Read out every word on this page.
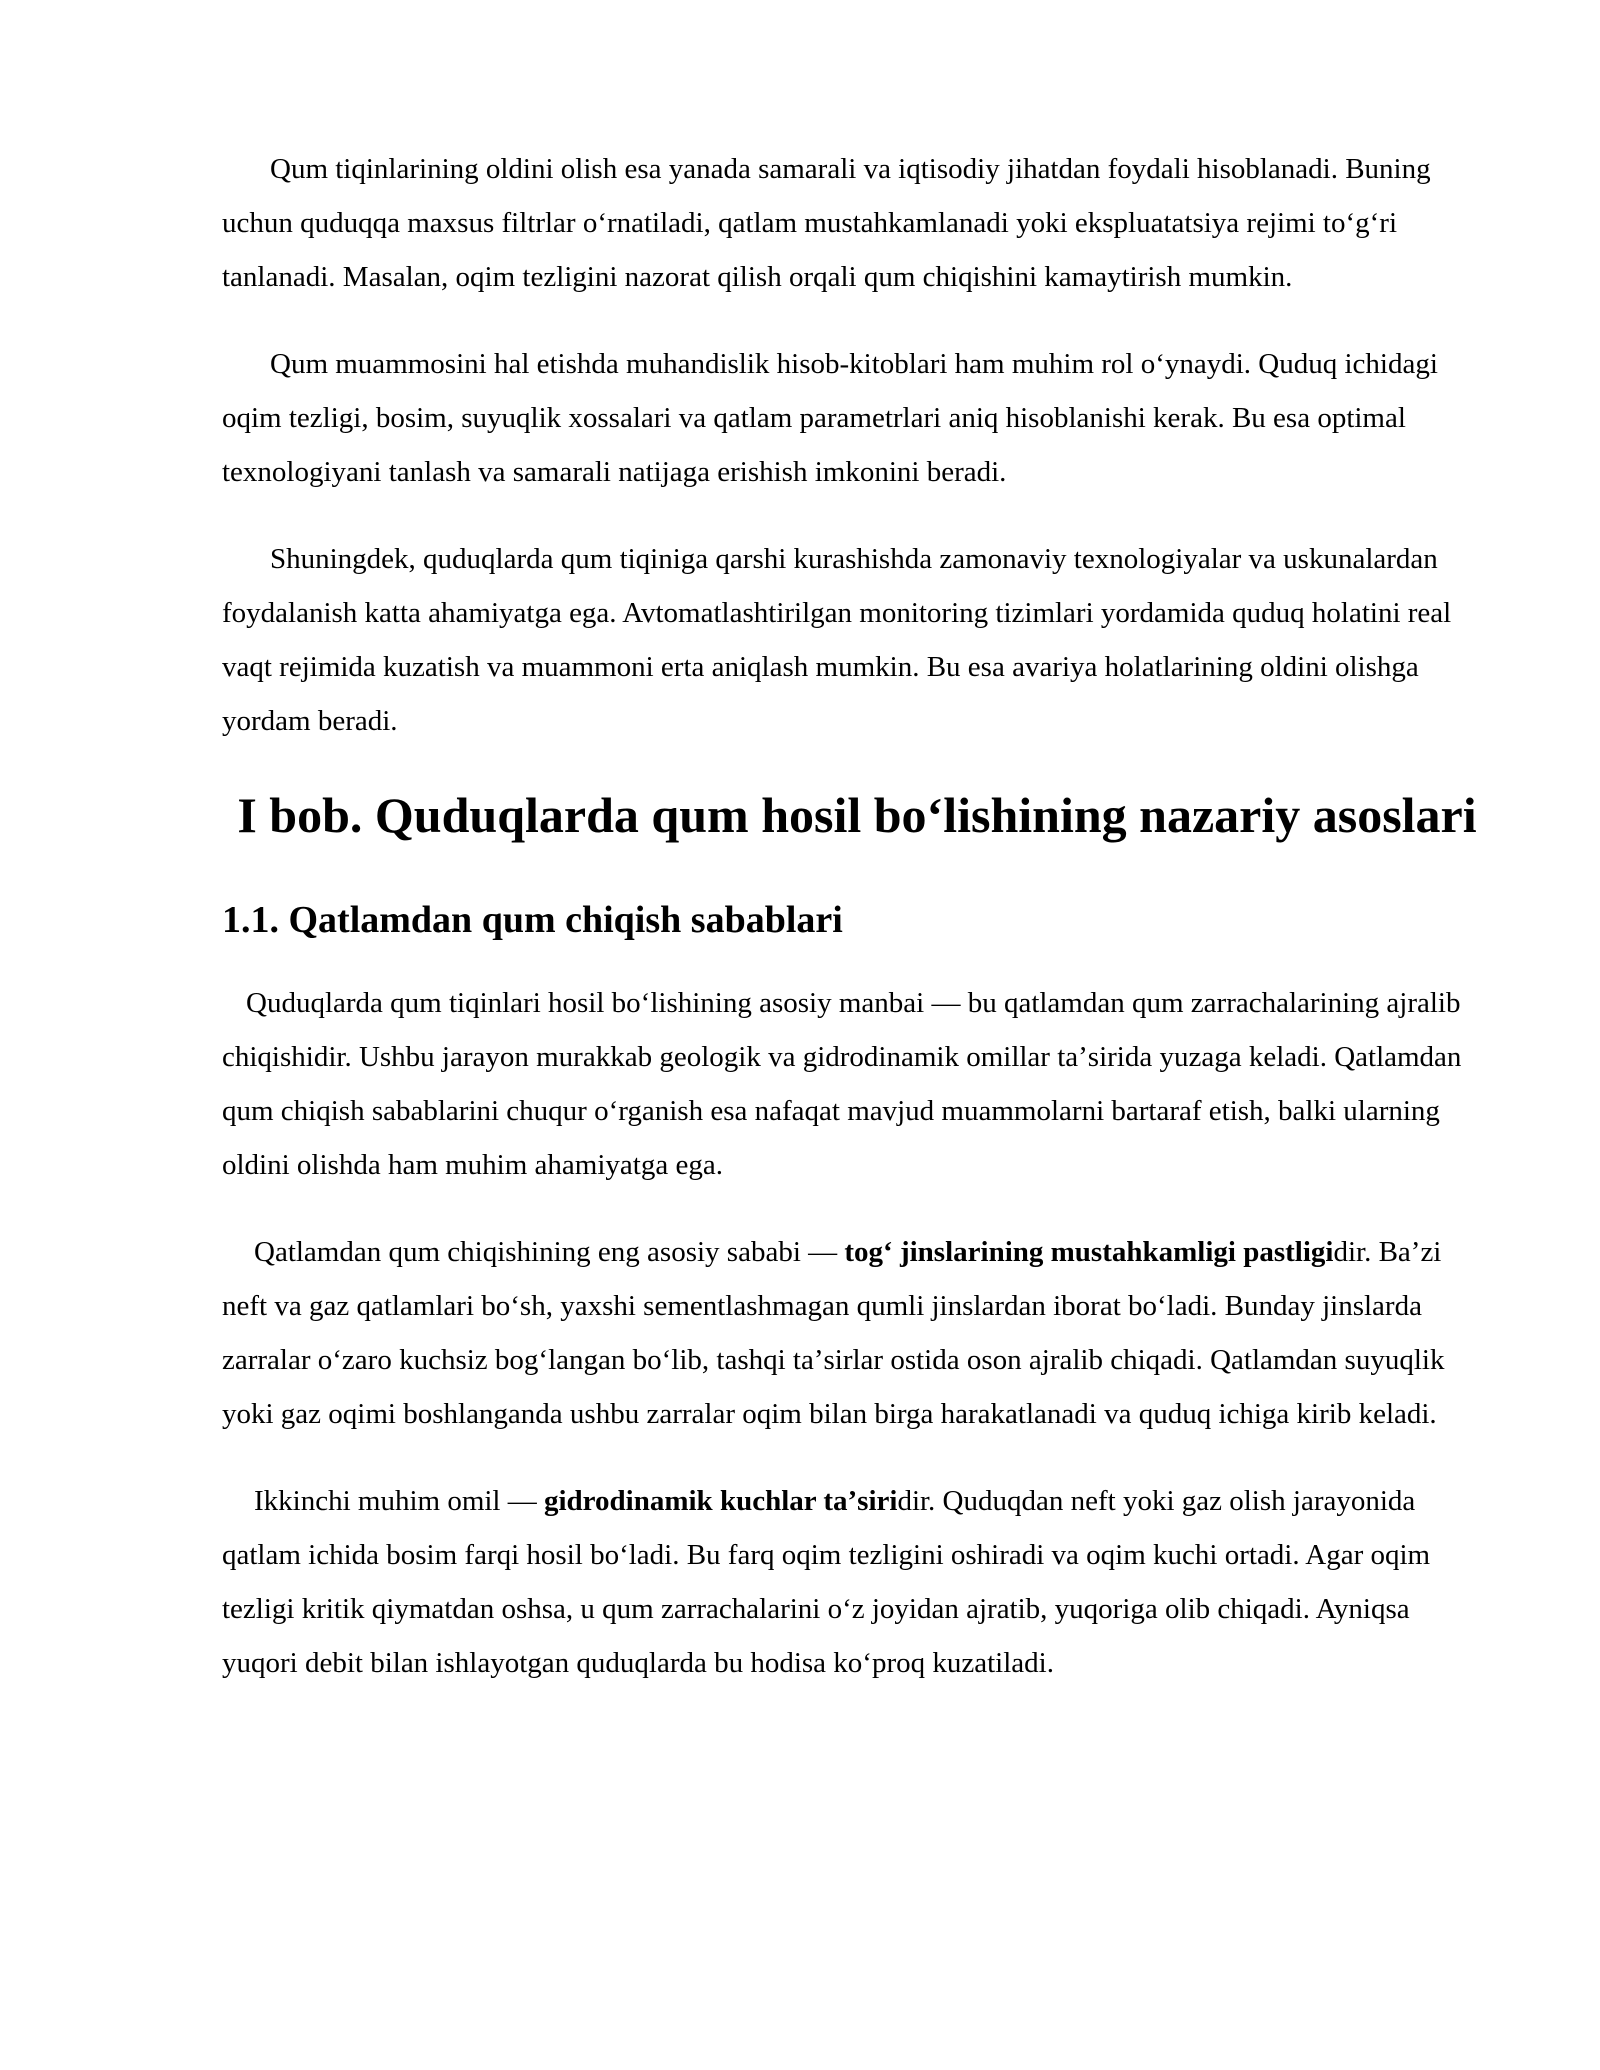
Qum tiqinlarining oldini olish esa yanada samarali va iqtisodiy jihatdan foydali hisoblanadi. Buning uchun quduqqa maxsus filtrlar oʻrnatiladi, qatlam mustahkamlanadi yoki ekspluatatsiya rejimi toʻgʻri tanlanadi. Masalan, oqim tezligini nazorat qilish orqali qum chiqishini kamaytirish mumkin.

Qum muammosini hal etishda muhandislik hisob-kitoblari ham muhim rol oʻynaydi. Quduq ichidagi oqim tezligi, bosim, suyuqlik xossalari va qatlam parametrlari aniq hisoblanishi kerak. Bu esa optimal texnologiyani tanlash va samarali natijaga erishish imkonini beradi.

Shuningdek, quduqlarda qum tiqiniga qarshi kurashishda zamonaviy texnologiyalar va uskunalardan foydalanish katta ahamiyatga ega. Avtomatlashtirilgan monitoring tizimlari yordamida quduq holatini real vaqt rejimida kuzatish va muammoni erta aniqlash mumkin. Bu esa avariya holatlarining oldini olishga yordam beradi.

I bob. Quduqlarda qum hosil boʻlishining nazariy asoslari
1.1. Qatlamdan qum chiqish sabablari

Quduqlarda qum tiqinlari hosil boʻlishining asosiy manbai — bu qatlamdan qum zarrachalarining ajralib chiqishidir. Ushbu jarayon murakkab geologik va gidrodinamik omillar taʼsirida yuzaga keladi. Qatlamdan qum chiqish sabablarini chuqur oʻrganish esa nafaqat mavjud muammolarni bartaraf etish, balki ularning oldini olishda ham muhim ahamiyatga ega.

Qatlamdan qum chiqishining eng asosiy sababi — togʻ jinslarining mustahkamligi pastligidir. Baʼzi neft va gaz qatlamlari boʻsh, yaxshi sementlashmagan qumli jinslardan iborat boʻladi. Bunday jinslarda zarralar oʻzaro kuchsiz bogʻlangan boʻlib, tashqi taʼsirlar ostida oson ajralib chiqadi. Qatlamdan suyuqlik yoki gaz oqimi boshlanganda ushbu zarralar oqim bilan birga harakatlanadi va quduq ichiga kirib keladi.

Ikkinchi muhim omil — gidrodinamik kuchlar taʼsiridir. Quduqdan neft yoki gaz olish jarayonida qatlam ichida bosim farqi hosil boʻladi. Bu farq oqim tezligini oshiradi va oqim kuchi ortadi. Agar oqim tezligi kritik qiymatdan oshsa, u qum zarrachalarini oʻz joyidan ajratib, yuqoriga olib chiqadi. Ayniqsa yuqori debit bilan ishlayotgan quduqlarda bu hodisa koʻproq kuzatiladi.
